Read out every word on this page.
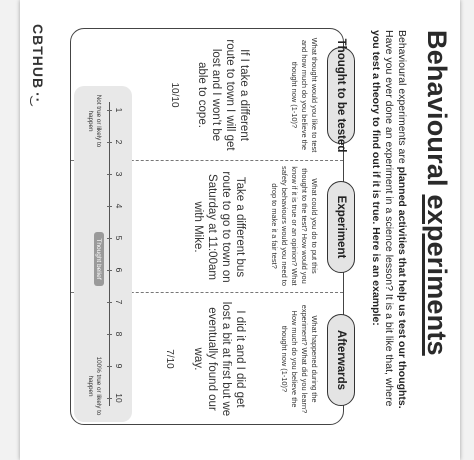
Behavioural experiments
Behavioural experiments are planned activities that help us test our thoughts. Have you ever done an experiment in a science lesson? It is a bit like that, where you test a theory to find out if it is true. Here is an example:
Thought to be tested
What thought would you like to test and how much do you believe the thought now (1-10)?
If I take a different route to town I will get lost and I won't be able to cope.
10/10
Experiment
What could you do to put this thought to the test? How would you know if it is true or an opinion? What safety behaviours would you need to drop to make it a fair test?
Take a different bus route to go to town on Saturday at 11:00am with Mike.
Afterwards
What happened during the experiment? What did you learn? How much do you believe the thought now (1-10)?
I did it and I did get lost a bit at first but we eventually found our way.
7/10
1
2
3
4
5
6
7
8
9
10
Not true or likely to happen
Thought belief
100% true or likely to happen
CBTHUB·͜·
